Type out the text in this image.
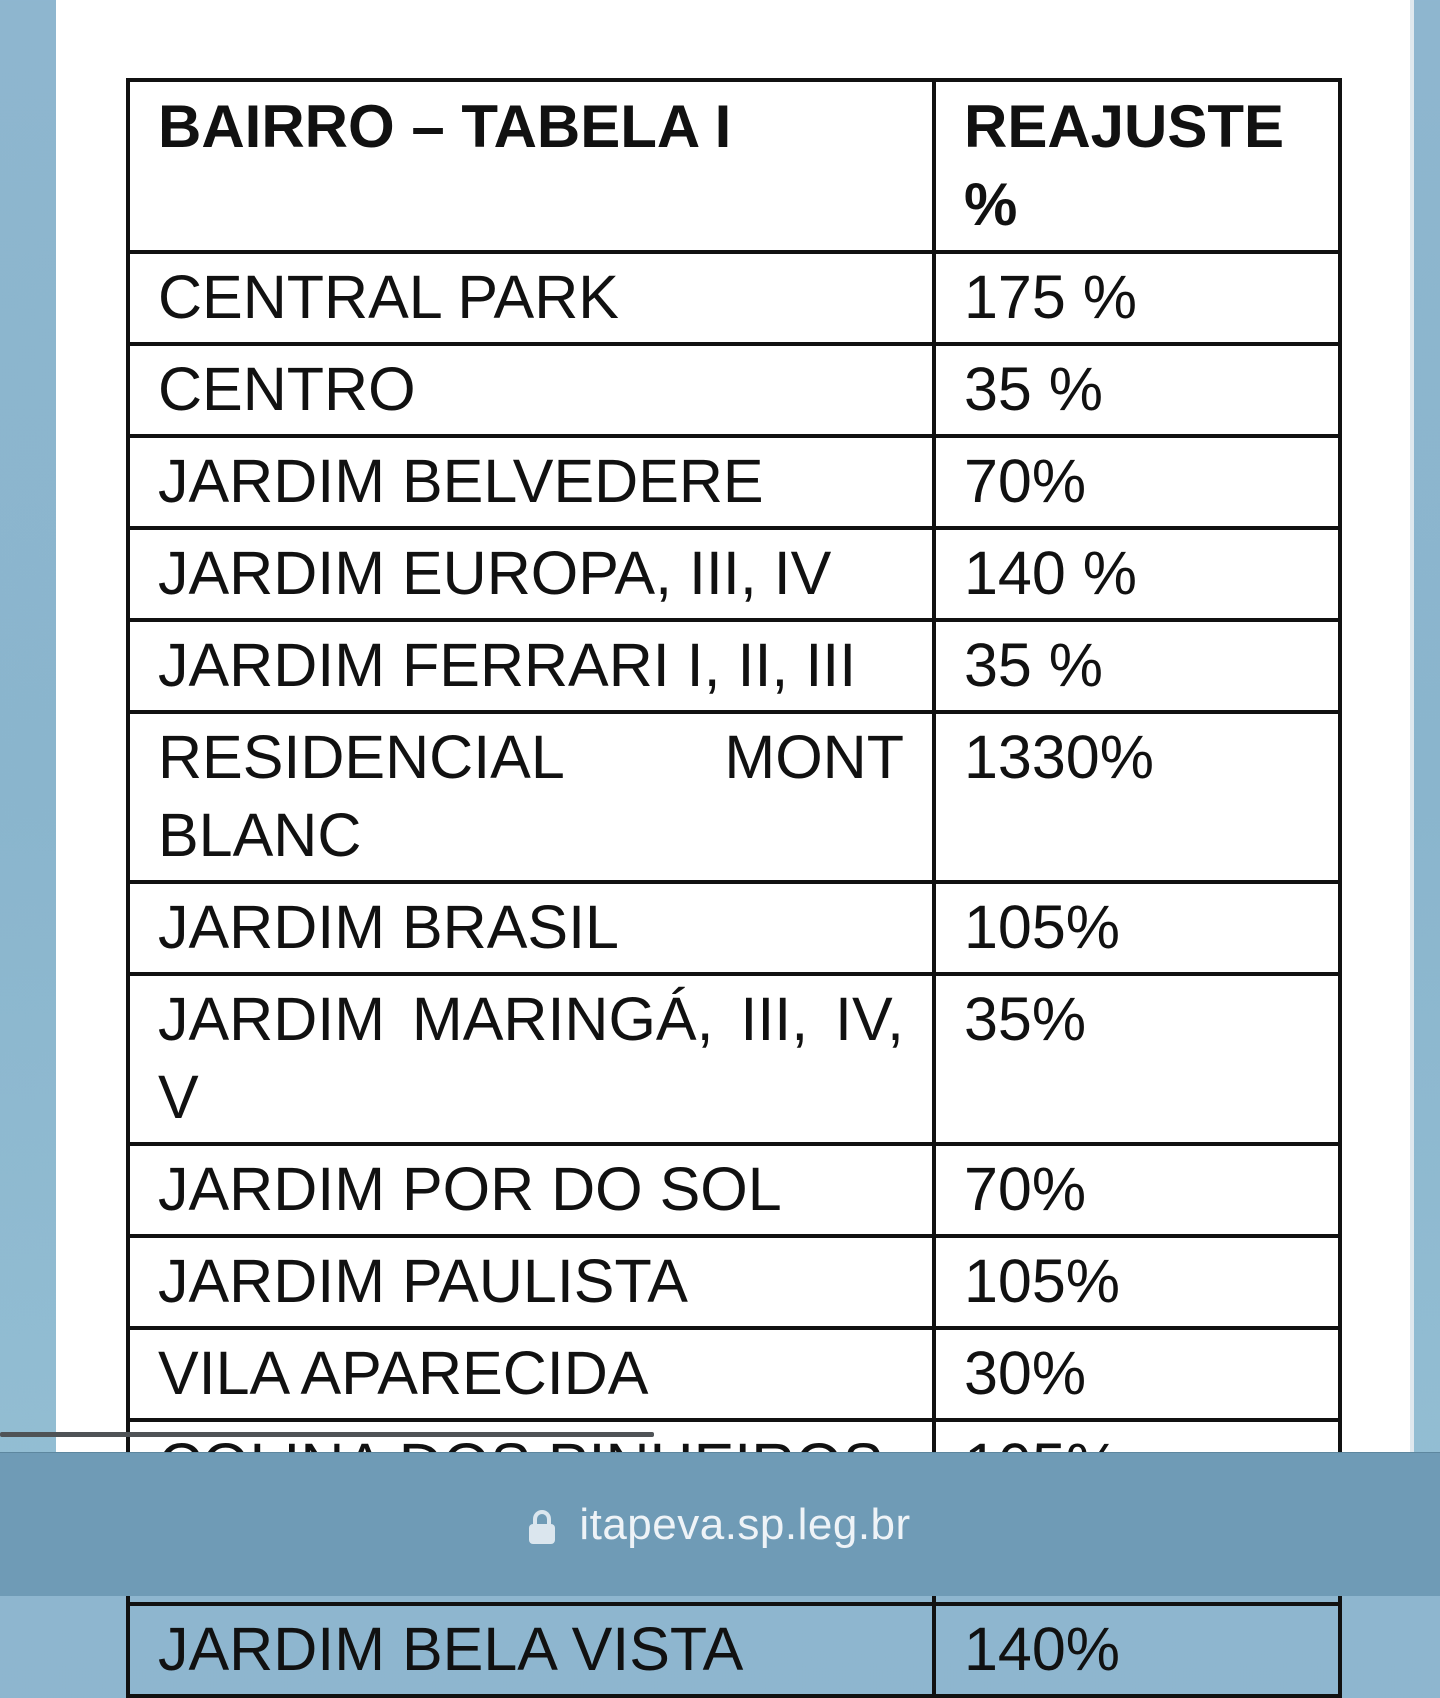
BAIRRO – TABELA I	REAJUSTE %
CENTRAL PARK	175 %
CENTRO	35 %
JARDIM BELVEDERE	70%
JARDIM EUROPA, III, IV	140 %
JARDIM FERRARI I, II, III	35 %
RESIDENCIAL MONT BLANC	1330%
JARDIM BRASIL	105%
JARDIM MARINGÁ, III, IV, V	35%
JARDIM POR DO SOL	70%
JARDIM PAULISTA	105%
VILA APARECIDA	30%

JARDIM BELA VISTA	140%
itapeva.sp.leg.br
